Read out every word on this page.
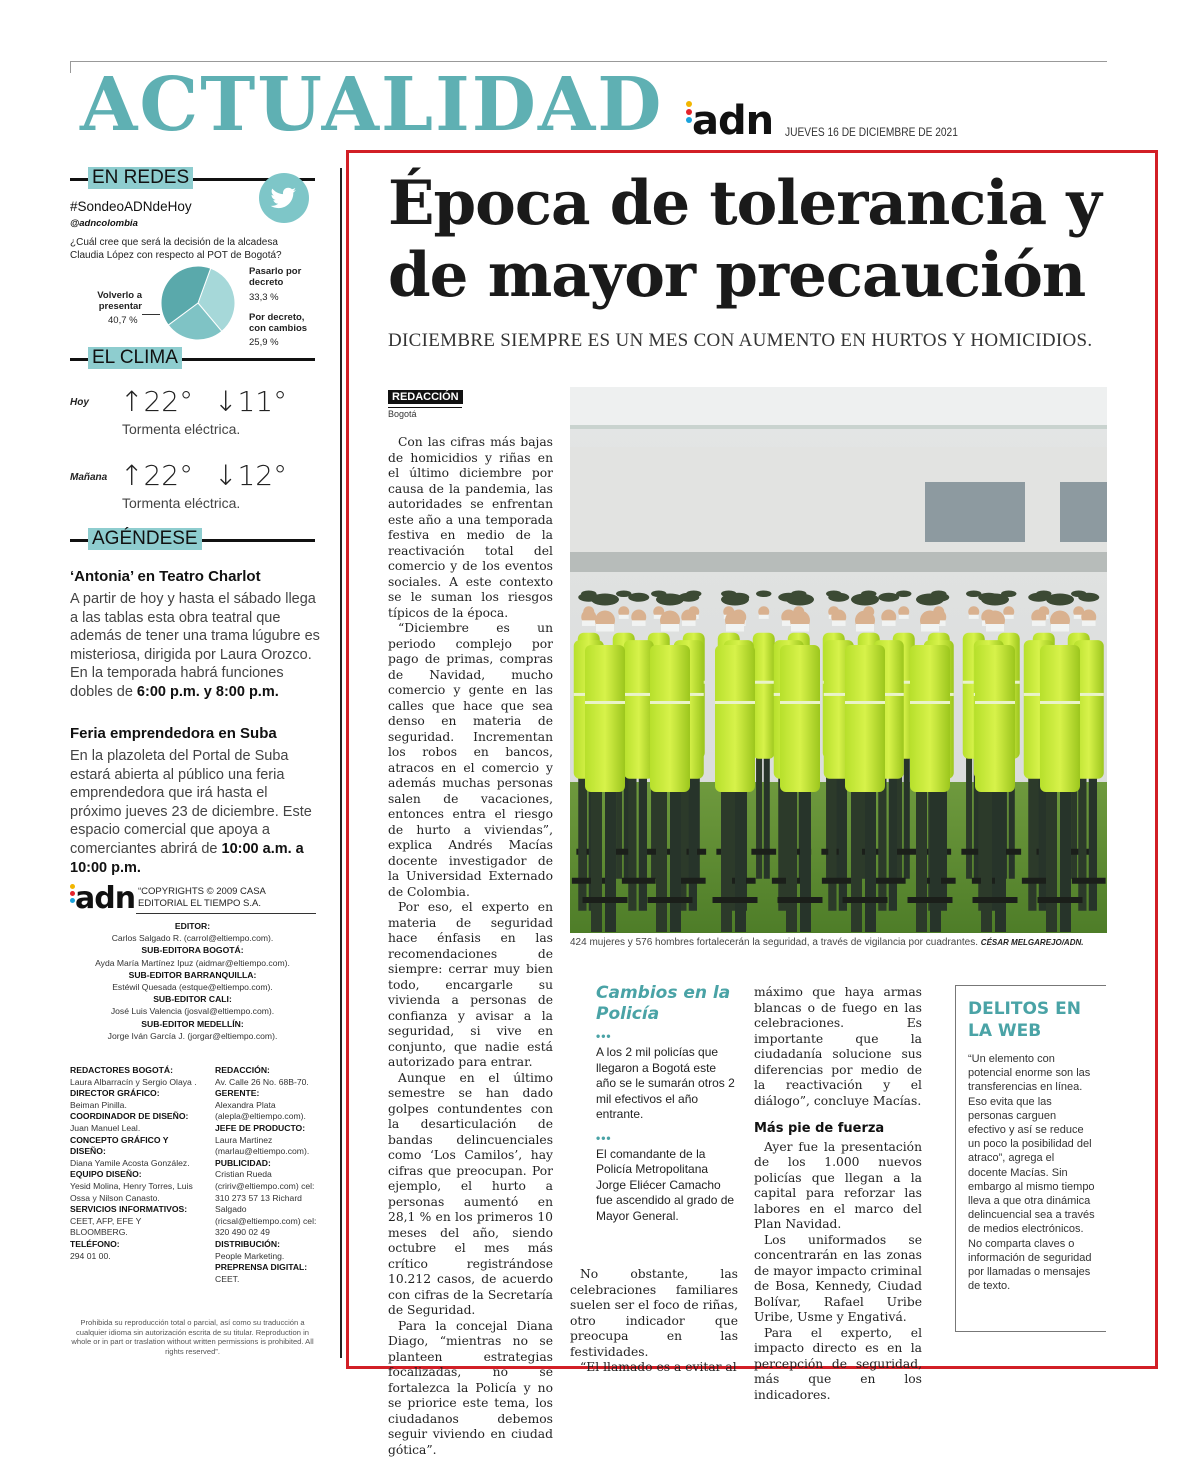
ACTUALIDAD adn JUEVES 16 DE DICIEMBRE DE 2021
EN REDES
#SondeoADNdeHoy
@adncolombia
¿Cuál cree que será la decisión de la alcadesa Claudia López con respecto al POT de Bogotá?
Volverlo a presentar
40,7 %
Pasarlo por decreto
33,3 %
Por decreto, con cambios
25,9 %
EL CLIMA
Hoy ↑22° ↓11°
Tormenta eléctrica.
Mañana ↑22° ↓12°
Tormenta eléctrica.
AGÉNDESE
‘Antonia’ en Teatro Charlot
A partir de hoy y hasta el sábado llega a las tablas esta obra teatral que además de tener una trama lúgubre es misteriosa, dirigida por Laura Orozco. En la temporada habrá funciones dobles de 6:00 p.m. y 8:00 p.m.
Feria emprendedora en Suba
En la plazoleta del Portal de Suba estará abierta al público una feria emprendedora que irá hasta el próximo jueves 23 de diciembre. Este espacio comercial que apoya a comerciantes abrirá de 10:00 a.m. a 10:00 p.m.
adn “COPYRIGHTS © 2009 CASA EDITORIAL EL TIEMPO S.A.
EDITOR:
Carlos Salgado R. (carrol@eltiempo.com).
SUB-EDITORA BOGOTÁ:
Ayda María Martínez Ipuz (aidmar@eltiempo.com).
SUB-EDITOR BARRANQUILLA:
Estéwil Quesada (estque@eltiempo.com).
SUB-EDITOR CALI:
José Luis Valencia (josval@eltiempo.com).
SUB-EDITOR MEDELLÍN:
Jorge Iván García J. (jorgar@eltiempo.com).
REDACTORES BOGOTÁ:
Laura Albarracín y Sergio Olaya .
DIRECTOR GRÁFICO:
Beiman Pinilla.
COORDINADOR DE DISEÑO:
Juan Manuel Leal.
CONCEPTO GRÁFICO Y DISEÑO:
Diana Yamile Acosta González.
EQUIPO DISEÑO:
Yesid Molina, Henry Torres, Luis Ossa y Nilson Canasto.
SERVICIOS INFORMATIVOS:
CEET, AFP, EFE Y BLOOMBERG.
TELÉFONO:
294 01 00.
REDACCIÓN:
Av. Calle 26 No. 68B-70.
GERENTE:
Alexandra Plata (alepla@eltiempo.com).
JEFE DE PRODUCTO:
Laura Martinez (marlau@eltiempo.com).
PUBLICIDAD:
Cristian Rueda (cririv@eltiempo.com) cel: 310 273 57 13 Richard Salgado (ricsal@eltiempo.com) cel: 320 490 02 49
DISTRIBUCIÓN:
People Marketing.
PREPRENSA DIGITAL:
CEET.
Prohibida su reproducción total o parcial, así como su traducción a cualquier idioma sin autorización escrita de su titular. Reproduction in whole or in part or traslation without written permissions is prohibited. All rights reserved”.
Época de tolerancia y de mayor precaución
DICIEMBRE SIEMPRE ES UN MES CON AUMENTO EN HURTOS Y HOMICIDIOS.
REDACCIÓN
Bogotá

Con las cifras más bajas de homicidios y riñas en el último diciembre por causa de la pandemia, las autoridades se enfrentan este año a una temporada festiva en medio de la reactivación total del comercio y de los eventos sociales. A este contexto se le suman los riesgos típicos de la época.

“Diciembre es un periodo complejo por pago de primas, compras de Navidad, mucho comercio y gente en las calles que hace que sea denso en materia de seguridad. Incrementan los robos en bancos, atracos en el comercio y además muchas personas salen de vacaciones, entonces entra el riesgo de hurto a viviendas”, explica Andrés Macías docente investigador de la Universidad Externado de Colombia.

Por eso, el experto en materia de seguridad hace énfasis en las recomendaciones de siempre: cerrar muy bien todo, encargarle su vivienda a personas de confianza y avisar a la seguridad, si vive en conjunto, que nadie está autorizado para entrar.

Aunque en el último semestre se han dado golpes contundentes con la desarticulación de bandas delincuenciales como ‘Los Camilos’, hay cifras que preocupan. Por ejemplo, el hurto a personas aumentó en 28,1 % en los primeros 10 meses del año, siendo octubre el mes más crítico registrándose 10.212 casos, de acuerdo con cifras de la Secretaría de Seguridad.

Para la concejal Diana Diago, “mientras no se planteen estrategias focalizadas, no se fortalezca la Policía y no se priorice este tema, los ciudadanos debemos seguir viviendo en ciudad gótica”.

424 mujeres y 576 hombres fortalecerán la seguridad, a través de vigilancia por cuadrantes. CÉSAR MELGAREJO/ADN.
Cambios en la Policía
•••
A los 2 mil policías que llegaron a Bogotá este año se le sumarán otros 2 mil efectivos el año entrante.
•••
El comandante de la Policía Metropolitana Jorge Eliécer Camacho fue ascendido al grado de Mayor General.

No obstante, las celebraciones familiares suelen ser el foco de riñas, otro indicador que preocupa en las festividades.

“El llamado es a evitar al

máximo que haya armas blancas o de fuego en las celebraciones. Es importante que la ciudadanía solucione sus diferencias por medio de la reactivación y el diálogo”, concluye Macías.

Más pie de fuerza

Ayer fue la presentación de los 1.000 nuevos policías que llegan a la capital para reforzar las labores en el marco del Plan Navidad.

Los uniformados se concentrarán en las zonas de mayor impacto criminal de Bosa, Kennedy, Ciudad Bolívar, Rafael Uribe Uribe, Usme y Engativá.

Para el experto, el impacto directo es en la percepción de seguridad, más que en los indicadores.

DELITOS EN LA WEB
“Un elemento con potencial enorme son las transferencias en línea. Eso evita que las personas carguen efectivo y así se reduce un poco la posibilidad del atraco”, agrega el docente Macías. Sin embargo al mismo tiempo lleva a que otra dinámica delincuencial sea a través de medios electrónicos. No comparta claves o información de seguridad por llamadas o mensajes de texto.
